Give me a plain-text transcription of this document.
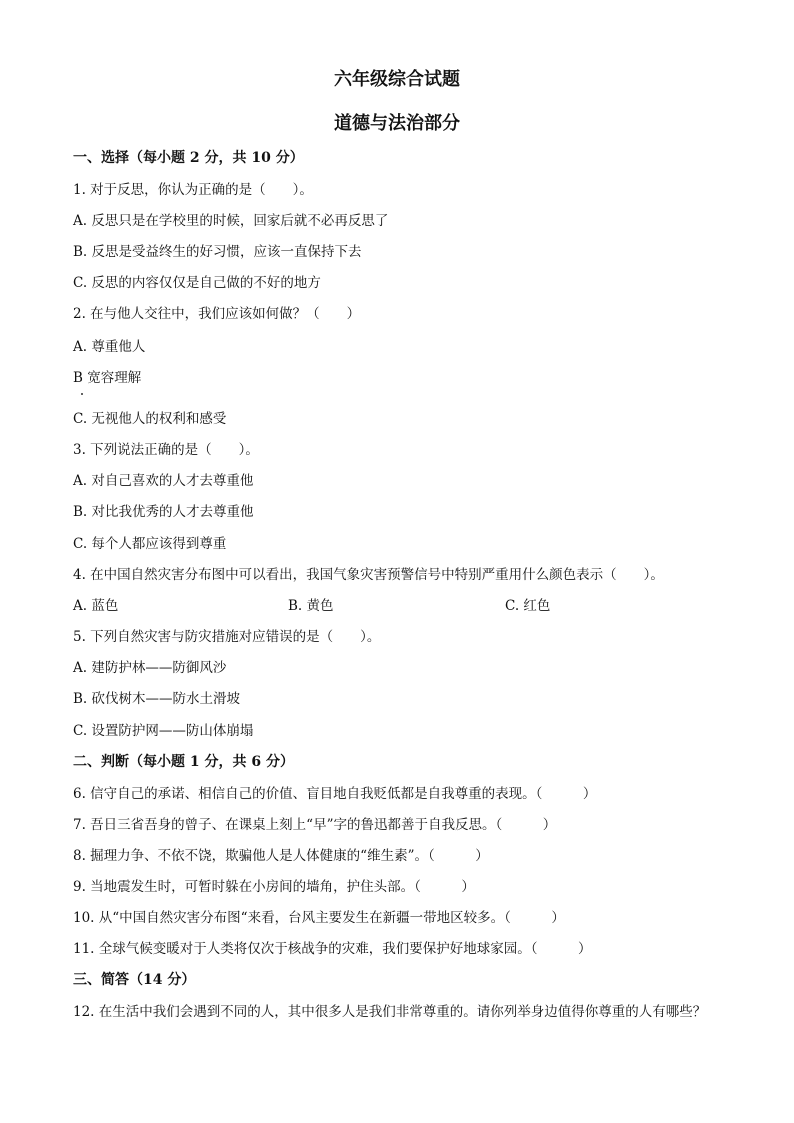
六年级综合试题
道德与法治部分
一、选择（每小题 2 分，共 10 分）
1. 对于反思，你认为正确的是（　　）。
A. 反思只是在学校里的时候，回家后就不必再反思了
B. 反思是受益终生的好习惯，应该一直保持下去
C. 反思的内容仅仅是自己做的不好的地方
2. 在与他人交往中，我们应该如何做？（　　）
A. 尊重他人
B 宽容理解
C. 无视他人的权利和感受
3. 下列说法正确的是（　　）。
A. 对自己喜欢的人才去尊重他
B. 对比我优秀的人才去尊重他
C. 每个人都应该得到尊重
4. 在中国自然灾害分布图中可以看出，我国气象灾害预警信号中特别严重用什么颜色表示（　　）。
A. 蓝色	B. 黄色	C. 红色
5. 下列自然灾害与防灾措施对应错误的是（　　）。
A. 建防护林——防御风沙
B. 砍伐树木——防水土滑坡
C. 设置防护网——防山体崩塌
二、判断（每小题 1 分，共 6 分）
6. 信守自己的承诺、相信自己的价值、盲目地自我贬低都是自我尊重的表现。（　　　）
7. 吾日三省吾身的曾子、在课桌上刻上“早”字的鲁迅都善于自我反思。（　　　）
8. 掘理力争、不依不饶，欺骗他人是人体健康的“维生素”。（　　　）
9. 当地震发生时，可暂时躲在小房间的墙角，护住头部。（　　　）
10. 从“中国自然灾害分布图“来看，台风主要发生在新疆一带地区较多。（　　　）
11. 全球气候变暖对于人类将仅次于核战争的灾难，我们要保护好地球家园。（　　　）
三、简答（14 分）
12. 在生活中我们会遇到不同的人，其中很多人是我们非常尊重的。请你列举身边值得你尊重的人有哪些？
